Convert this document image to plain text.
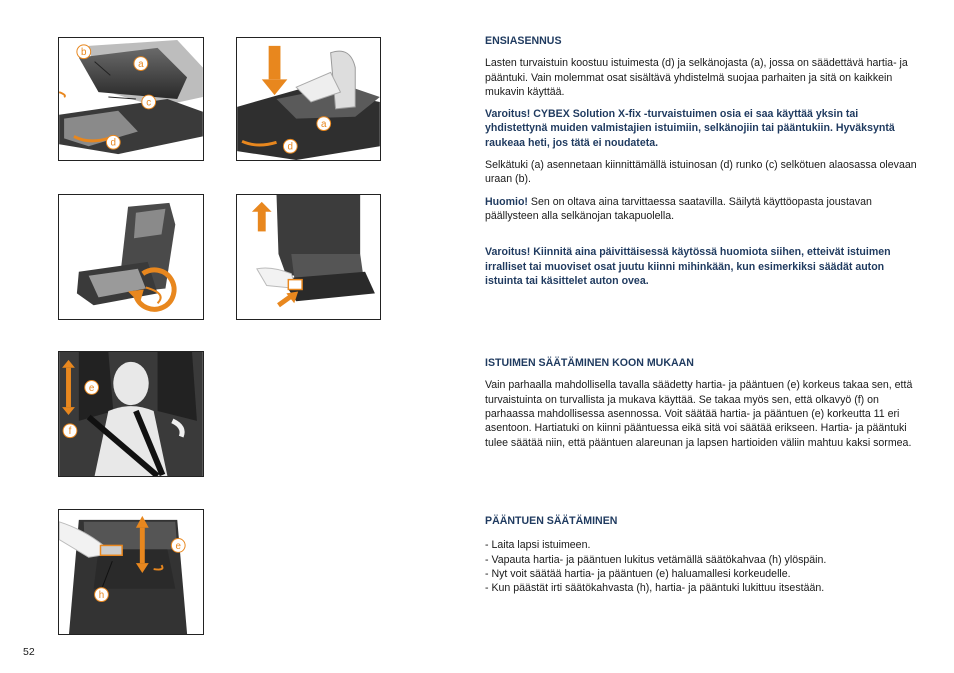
b
a
c
d
a
d
e
f
e
h
ENSIASENNUS

Lasten turvaistuin koostuu istuimesta (d) ja selkänojasta (a), jossa on säädettävä hartia- ja pääntuki. Vain molemmat osat sisältävä yhdistelmä suojaa parhaiten ja sitä on kaikkein mukavin käyttää.

Varoitus! CYBEX Solution X-fix -turvaistuimen osia ei saa käyttää yksin tai yhdistettynä muiden valmistajien istuimiin, selkänojiin tai pääntukiin. Hyväksyntä raukeaa heti, jos tätä ei noudateta.

Selkätuki (a) asennetaan kiinnittämällä istuinosan (d) runko (c) selkötuen alaosassa olevaan uraan (b).

Huomio! Sen on oltava aina tarvittaessa saatavilla. Säilytä käyttöopasta joustavan päällysteen alla selkänojan takapuolella.

Varoitus! Kiinnitä aina päivittäisessä käytössä huomiota siihen, etteivät istuimen irralliset tai muoviset osat juutu kiinni mihinkään, kun esimerkiksi säädät auton istuinta tai käsittelet auton ovea.

ISTUIMEN SÄÄTÄMINEN KOON MUKAAN

Vain parhaalla mahdollisella tavalla säädetty hartia- ja pääntuen (e) korkeus takaa sen, että turvaistuinta on turvallista ja mukava käyttää. Se takaa myös sen, että olkavyö (f) on parhaassa mahdollisessa asennossa. Voit säätää hartia- ja pääntuen (e) korkeutta 11 eri asentoon. Hartiatuki on kiinni pääntuessa eikä sitä voi säätää erikseen. Hartia- ja pääntuki tulee säätää niin, että pääntuen alareunan ja lapsen hartioiden väliin mahtuu kaksi sormea.

PÄÄNTUEN SÄÄTÄMINEN
- Laita lapsi istuimeen.
- Vapauta hartia- ja pääntuen lukitus vetämällä säätökahvaa (h) ylöspäin.
- Nyt voit säätää hartia- ja pääntuen (e) haluamallesi korkeudelle.
- Kun päästät irti säätökahvasta (h), hartia- ja pääntuki lukittuu itsestään.
52
